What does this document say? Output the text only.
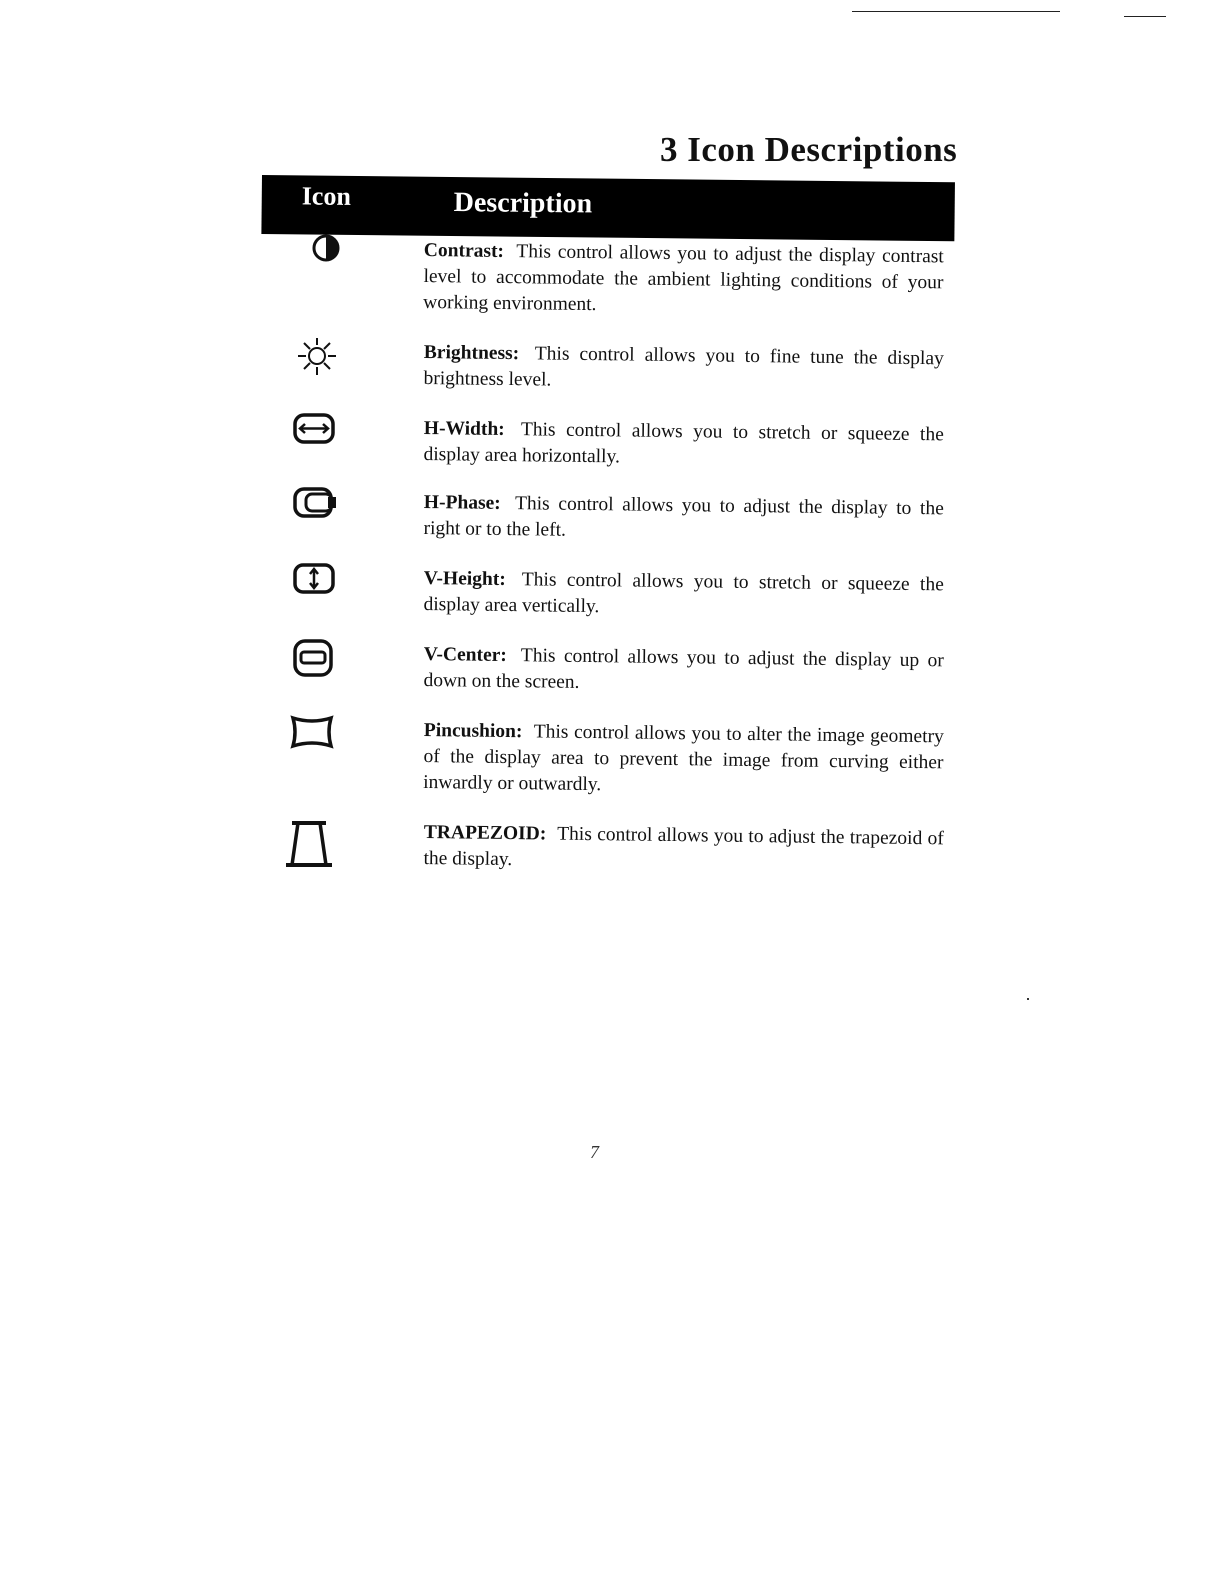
3 Icon Descriptions
Icon	Description
Contrast: This control allows you to adjust the display contrast level to accommodate the ambient lighting conditions of your working environment.
Brightness: This control allows you to fine tune the display brightness level.
H-Width: This control allows you to stretch or squeeze the display area horizontally.
H-Phase: This control allows you to adjust the display to the right or to the left.
V-Height: This control allows you to stretch or squeeze the display area vertically.
V-Center: This control allows you to adjust the display up or down on the screen.
Pincushion: This control allows you to alter the image geometry of the display area to prevent the image from curving either inwardly or outwardly.
TRAPEZOID: This control allows you to adjust the trapezoid of the display.
7
